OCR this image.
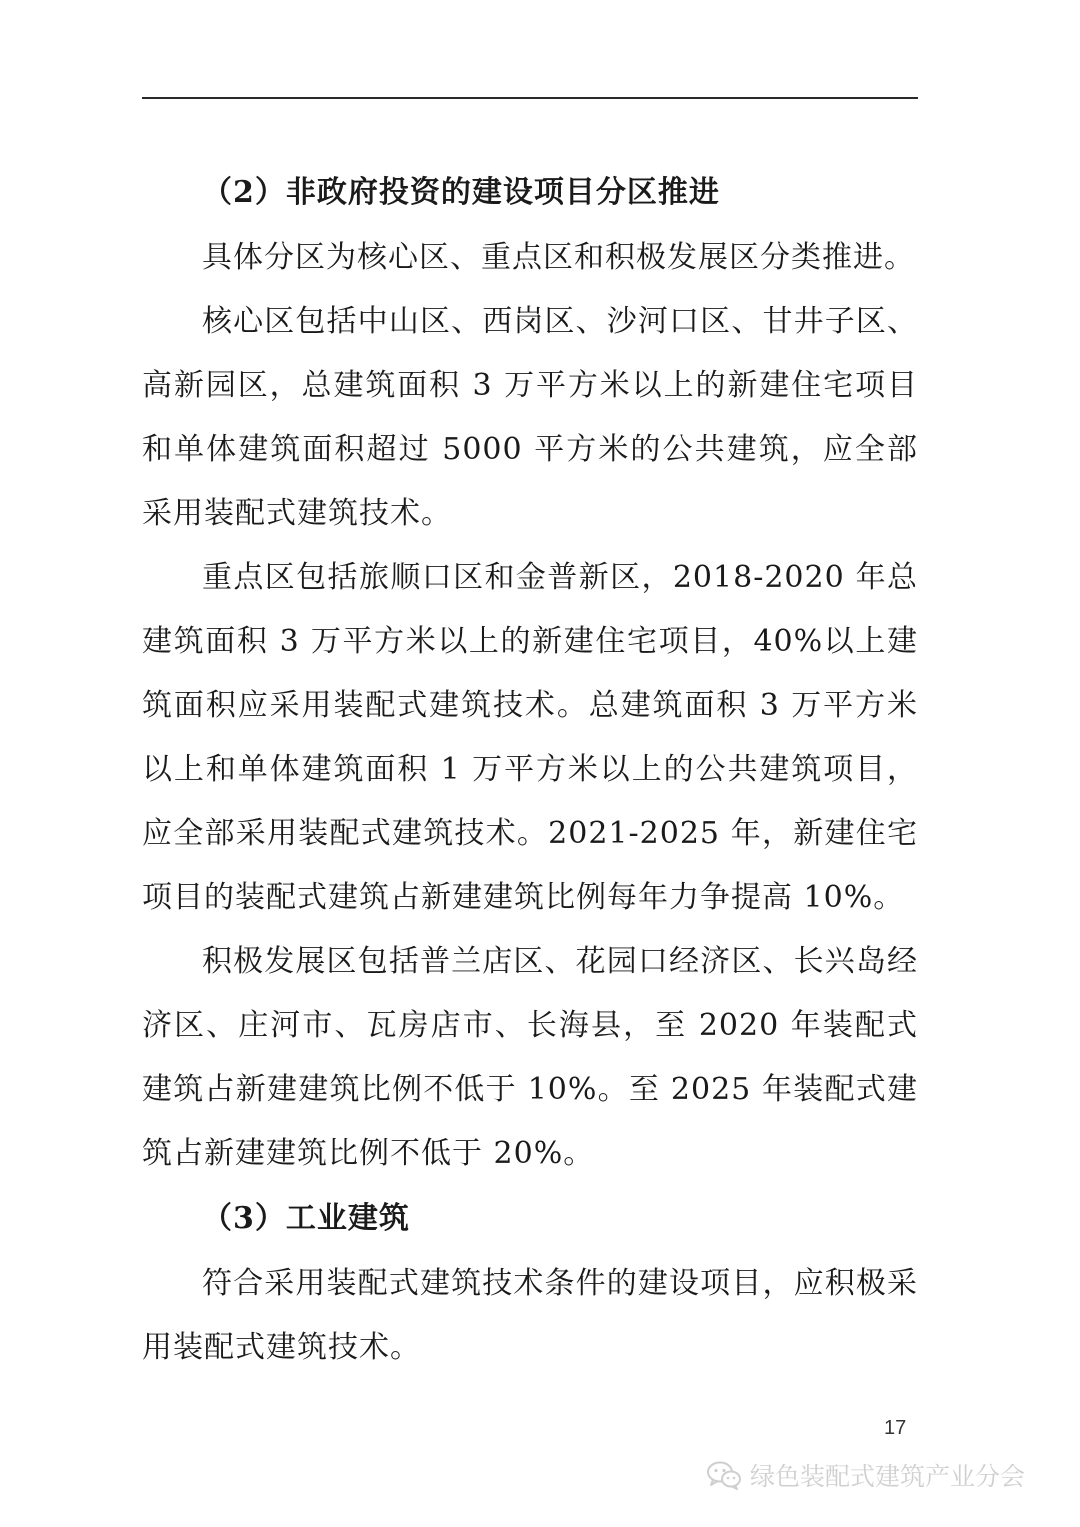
（2）非政府投资的建设项目分区推进

具体分区为核心区、重点区和积极发展区分类推进。

核心区包括中山区、西岗区、沙河口区、甘井子区、高新园区，总建筑面积 3 万平方米以上的新建住宅项目和单体建筑面积超过 5000 平方米的公共建筑，应全部采用装配式建筑技术。

重点区包括旅顺口区和金普新区，2018-2020 年总建筑面积 3 万平方米以上的新建住宅项目，40%以上建筑面积应采用装配式建筑技术。总建筑面积 3 万平方米以上和单体建筑面积 1 万平方米以上的公共建筑项目，应全部采用装配式建筑技术。2021-2025 年，新建住宅项目的装配式建筑占新建建筑比例每年力争提高 10%。

积极发展区包括普兰店区、花园口经济区、长兴岛经济区、庄河市、瓦房店市、长海县，至 2020 年装配式建筑占新建建筑比例不低于 10%。至 2025 年装配式建筑占新建建筑比例不低于 20%。

（3）工业建筑

符合采用装配式建筑技术条件的建设项目，应积极采用装配式建筑技术。

17
绿色装配式建筑产业分会
